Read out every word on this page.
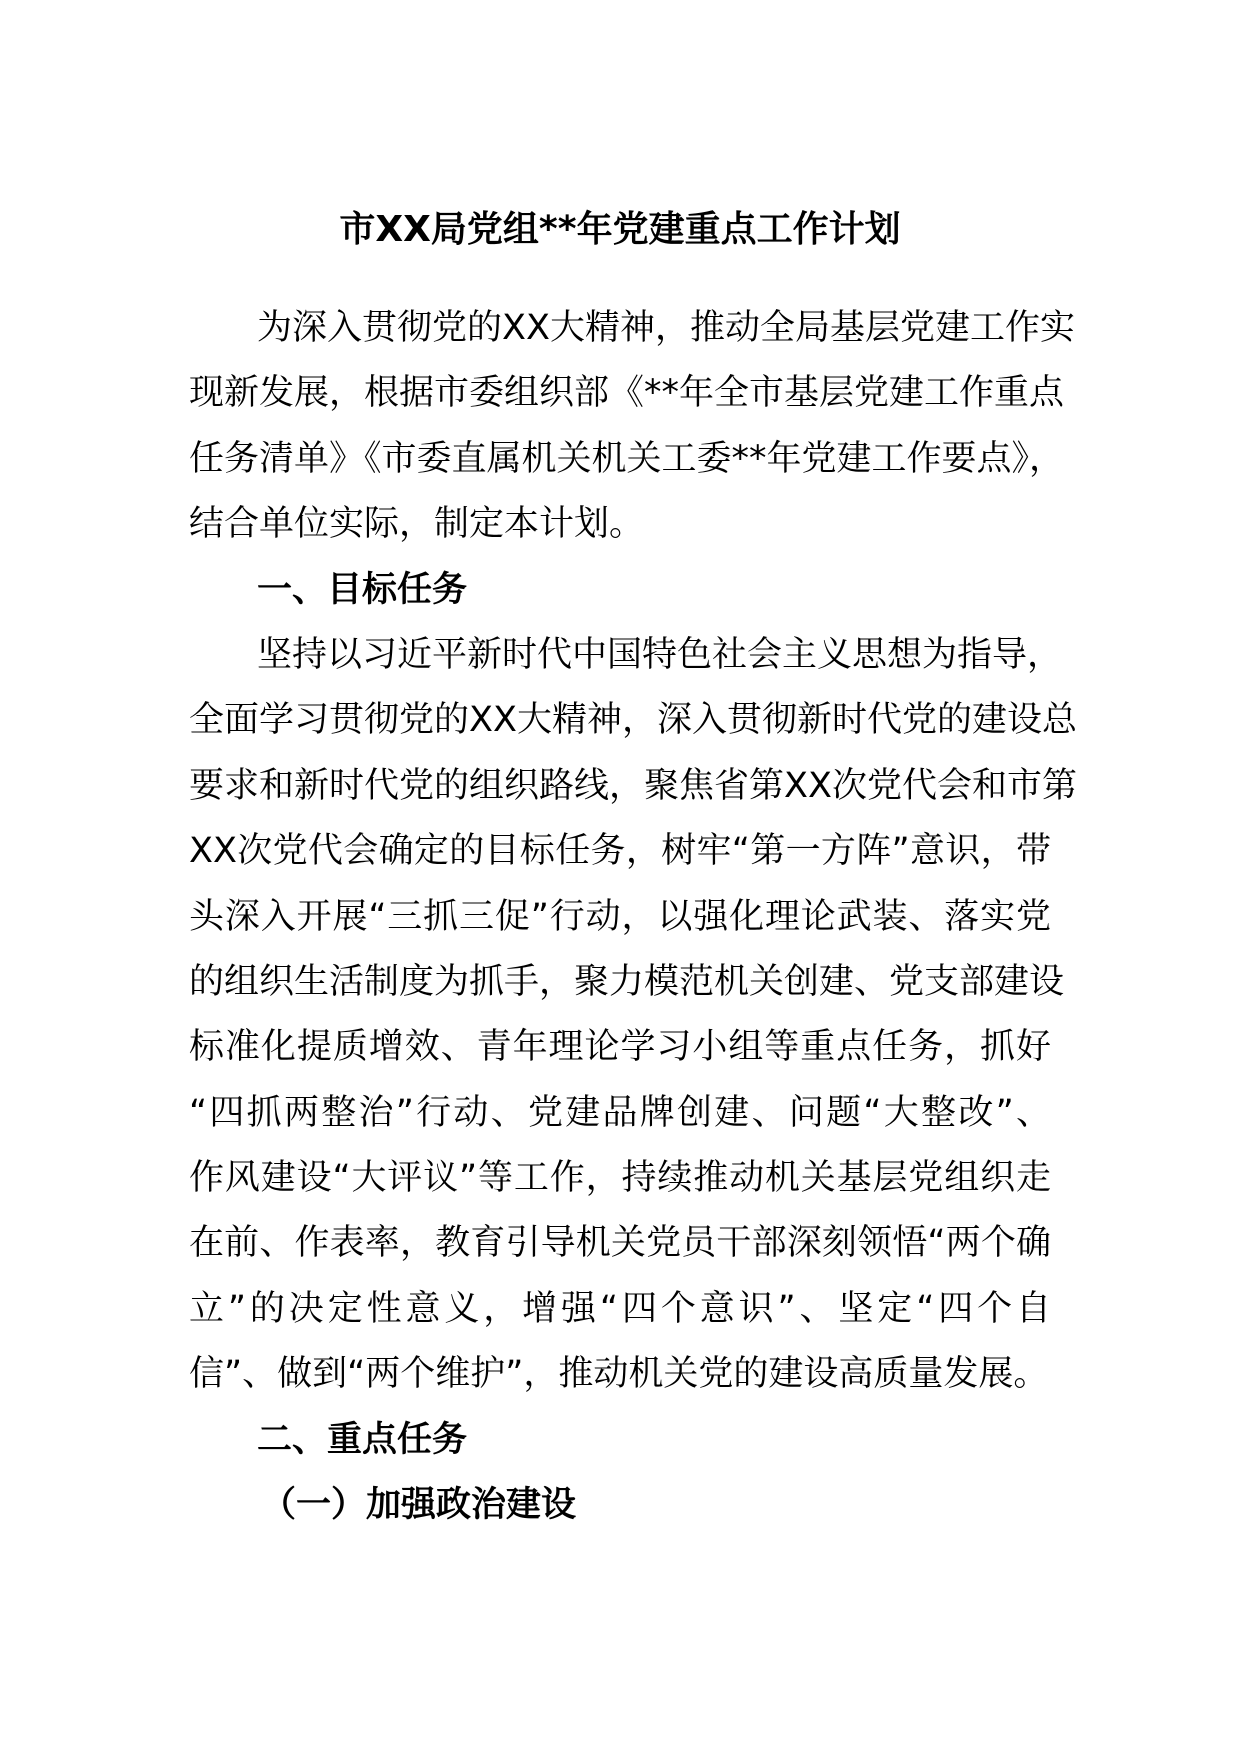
市XX局党组**年党建重点工作计划
为深入贯彻党的XX大精神，推动全局基层党建工作实
现新发展，根据市委组织部《**年全市基层党建工作重点
任务清单》《市委直属机关机关工委**年党建工作要点》，
结合单位实际，制定本计划。
一、目标任务
坚持以习近平新时代中国特色社会主义思想为指导，
全面学习贯彻党的XX大精神，深入贯彻新时代党的建设总
要求和新时代党的组织路线，聚焦省第XX次党代会和市第
XX次党代会确定的目标任务，树牢“第一方阵”意识，带
头深入开展“三抓三促”行动，以强化理论武装、落实党
的组织生活制度为抓手，聚力模范机关创建、党支部建设
标准化提质增效、青年理论学习小组等重点任务，抓好
“四抓两整治”行动、党建品牌创建、问题“大整改”、
作风建设“大评议”等工作，持续推动机关基层党组织走
在前、作表率，教育引导机关党员干部深刻领悟“两个确
立”的决定性意义，增强“四个意识”、坚定“四个自
信”、做到“两个维护”，推动机关党的建设高质量发展。
二、重点任务
（一）加强政治建设
